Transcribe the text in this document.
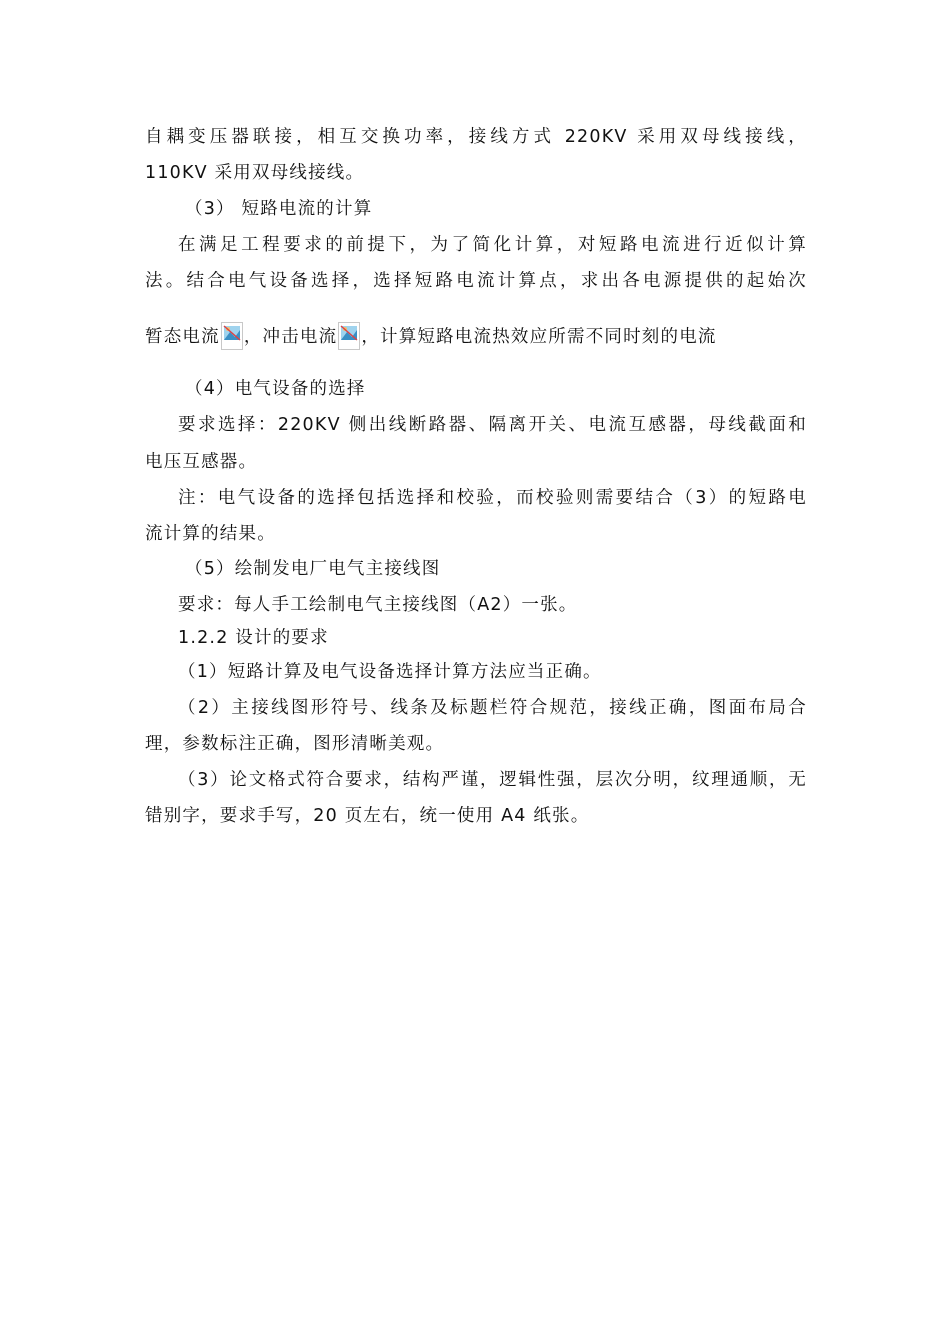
自耦变压器联接，相互交换功率，接线方式 220KV 采用双母线接线，
110KV 采用双母线接线。
（3） 短路电流的计算
在满足工程要求的前提下，为了简化计算，对短路电流进行近似计算
法。结合电气设备选择，选择短路电流计算点，求出各电源提供的起始次
暂态电流 ，冲击电流 ，计算短路电流热效应所需不同时刻的电流
（4）电气设备的选择
要求选择：220KV 侧出线断路器、隔离开关、电流互感器，母线截面和
电压互感器。
注：电气设备的选择包括选择和校验，而校验则需要结合（3）的短路电
流计算的结果。
（5）绘制发电厂电气主接线图
要求：每人手工绘制电气主接线图（A2）一张。
1.2.2 设计的要求
（1）短路计算及电气设备选择计算方法应当正确。
（2）主接线图形符号、线条及标题栏符合规范，接线正确，图面布局合
理，参数标注正确，图形清晰美观。
（3）论文格式符合要求，结构严谨，逻辑性强，层次分明，纹理通顺，无
错别字，要求手写，20 页左右，统一使用 A4 纸张。
